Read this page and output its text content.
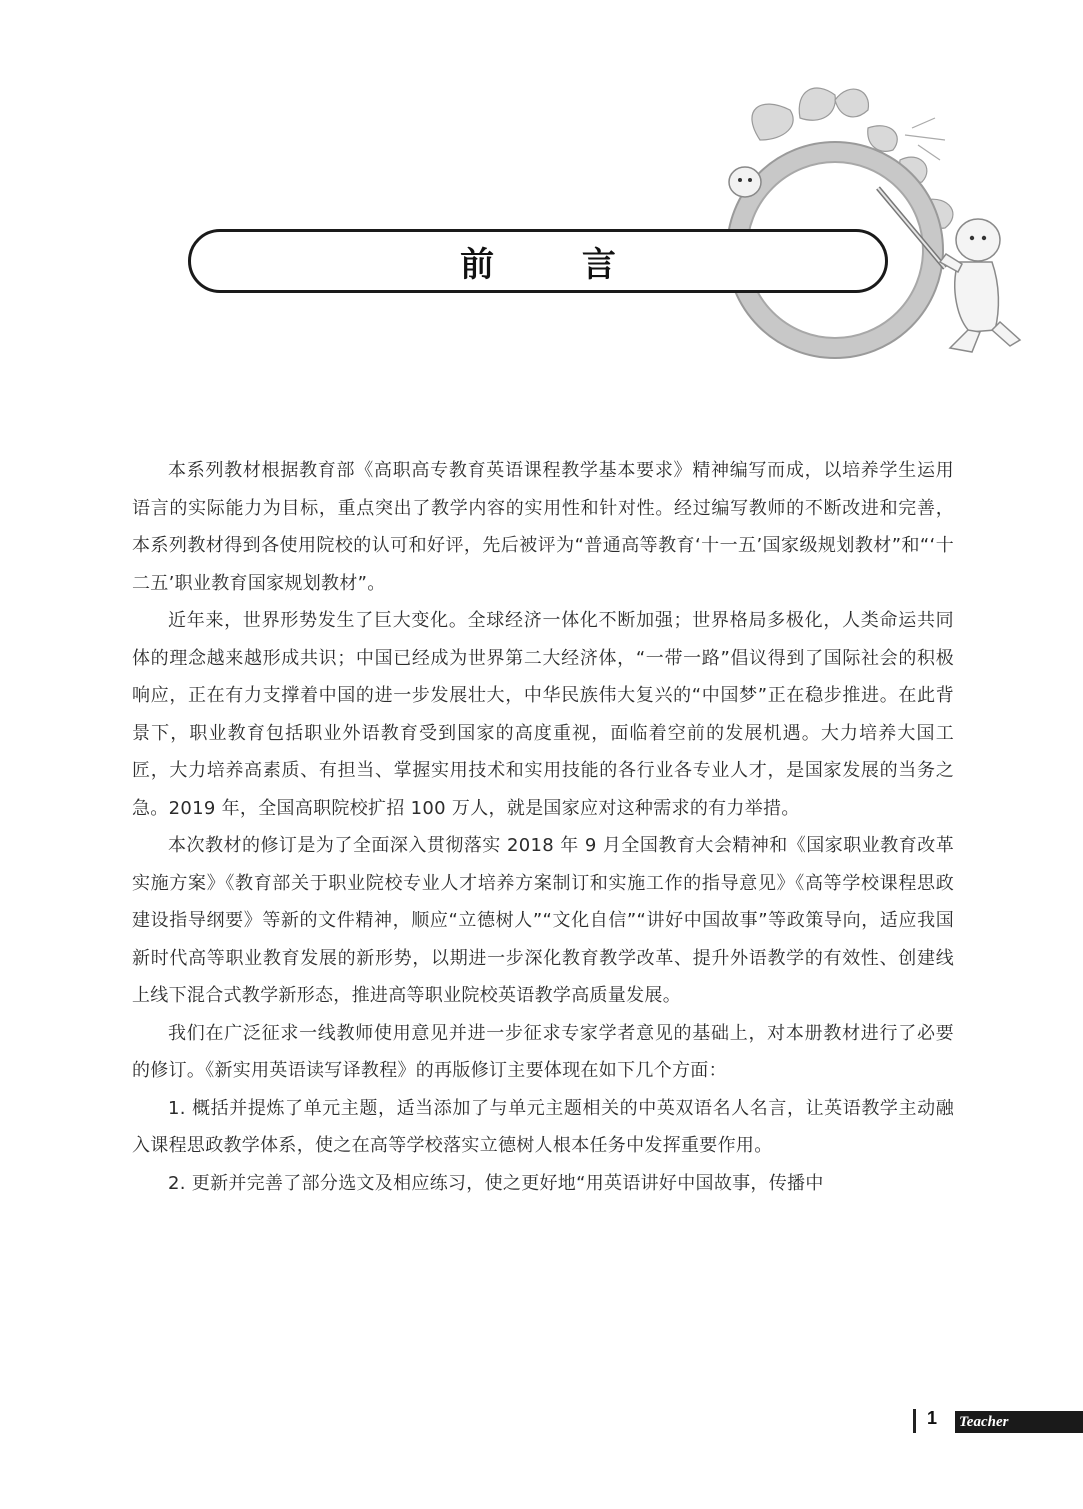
前 言

本系列教材根据教育部《高职高专教育英语课程教学基本要求》精神编写而成，以培养学生运用语言的实际能力为目标，重点突出了教学内容的实用性和针对性。经过编写教师的不断改进和完善，本系列教材得到各使用院校的认可和好评，先后被评为“普通高等教育‘十一五’国家级规划教材”和“‘十二五’职业教育国家规划教材”。

近年来，世界形势发生了巨大变化。全球经济一体化不断加强；世界格局多极化，人类命运共同体的理念越来越形成共识；中国已经成为世界第二大经济体，“一带一路”倡议得到了国际社会的积极响应，正在有力支撑着中国的进一步发展壮大，中华民族伟大复兴的“中国梦”正在稳步推进。在此背景下，职业教育包括职业外语教育受到国家的高度重视，面临着空前的发展机遇。大力培养大国工匠，大力培养高素质、有担当、掌握实用技术和实用技能的各行业各专业人才，是国家发展的当务之急。2019 年，全国高职院校扩招 100 万人，就是国家应对这种需求的有力举措。

本次教材的修订是为了全面深入贯彻落实 2018 年 9 月全国教育大会精神和《国家职业教育改革实施方案》《教育部关于职业院校专业人才培养方案制订和实施工作的指导意见》《高等学校课程思政建设指导纲要》等新的文件精神，顺应“立德树人”“文化自信”“讲好中国故事”等政策导向，适应我国新时代高等职业教育发展的新形势，以期进一步深化教育教学改革、提升外语教学的有效性、创建线上线下混合式教学新形态，推进高等职业院校英语教学高质量发展。

我们在广泛征求一线教师使用意见并进一步征求专家学者意见的基础上，对本册教材进行了必要的修订。《新实用英语读写译教程》的再版修订主要体现在如下几个方面：

1. 概括并提炼了单元主题，适当添加了与单元主题相关的中英双语名人名言，让英语教学主动融入课程思政教学体系，使之在高等学校落实立德树人根本任务中发挥重要作用。

2. 更新并完善了部分选文及相应练习，使之更好地“用英语讲好中国故事，传播中

1 Teacher
